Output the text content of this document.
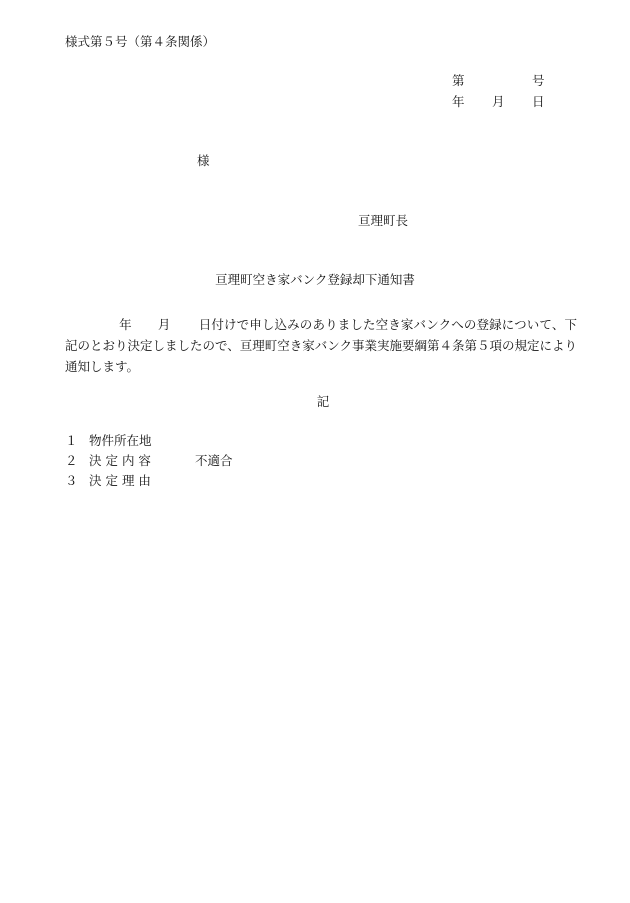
様式第５号（第４条関係）
第	号
年 月 日
様
亘理町長
亘理町空き家バンク登録却下通知書
年 月 日付けで申し込みのありました空き家バンクへの登録について、下記のとおり決定しましたので、亘理町空き家バンク事業実施要綱第４条第５項の規定により通知します。
記
１ 物件所在地
２ 決 定 内 容	不適合
３ 決 定 理 由
